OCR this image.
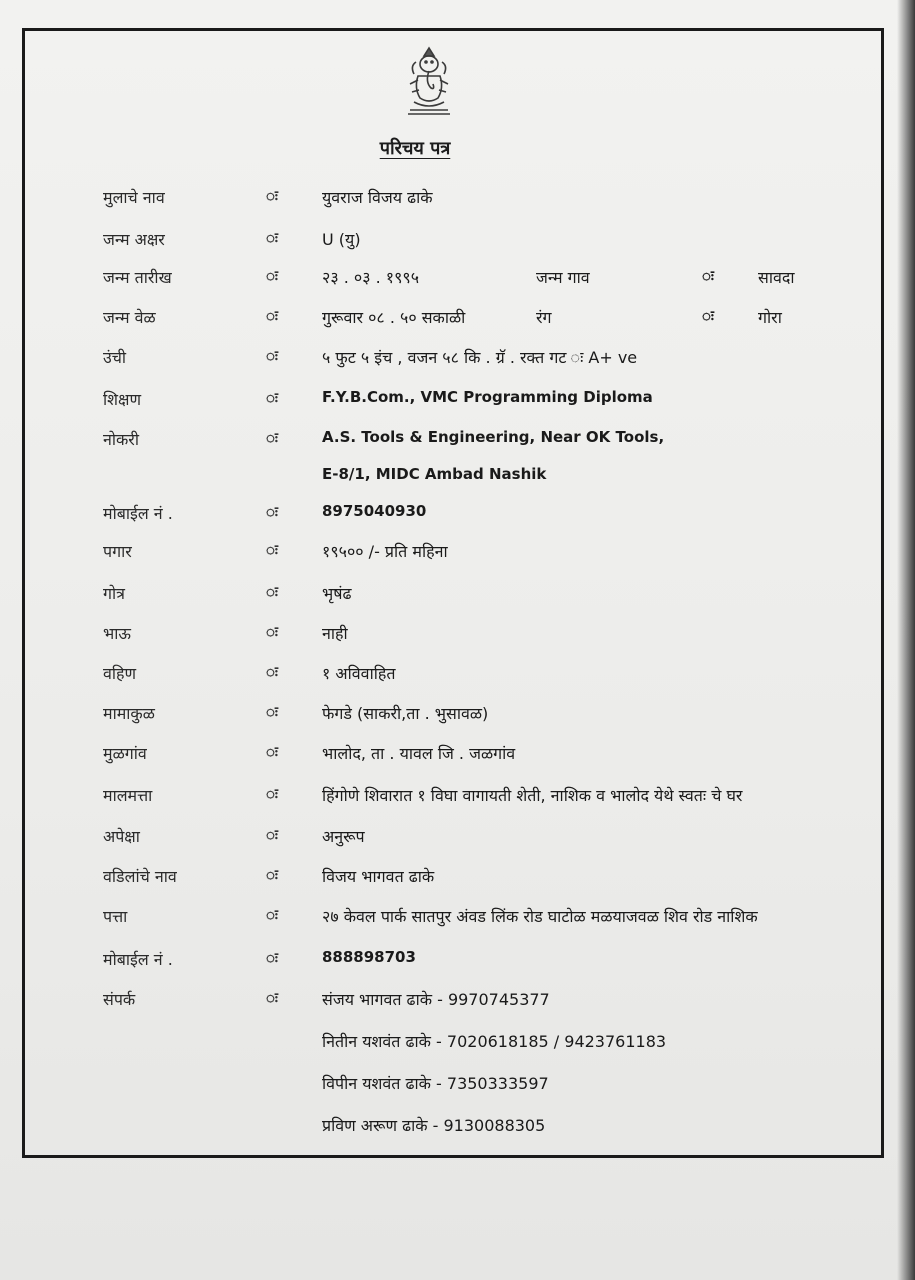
परिचय पत्र
मुलाचे नाव	ः	युवराज विजय ढाके
जन्म अक्षर	ः	U (यु)
जन्म तारीख	ः	२३ . ०३ . १९९५	जन्म गाव	ः	सावदा
जन्म वेळ	ः	गुरूवार ०८ . ५० सकाळी	रंग	ः	गोरा
उंची	ः	५ फुट ५ इंच , वजन ५८ कि . ग्रॅ . रक्त गट ः A+ ve
शिक्षण	ः	F.Y.B.Com., VMC Programming Diploma
नोकरी	ः	A.S. Tools & Engineering, Near OK Tools,
E-8/1, MIDC Ambad Nashik
मोबाईल नं .	ः	8975040930
पगार	ः	१९५०० /- प्रति महिना
गोत्र	ः	भृषंढ
भाऊ	ः	नाही
वहिण	ः	१ अविवाहित
मामाकुळ	ः	फेगडे (साकरी,ता . भुसावळ)
मुळगांव	ः	भालोद, ता . यावल जि . जळगांव
मालमत्ता	ः	हिंगोणे शिवारात १ विघा वागायती शेती, नाशिक व भालोद येथे स्वतः चे घर
अपेक्षा	ः	अनुरूप
वडिलांचे नाव	ः	विजय भागवत ढाके
पत्ता	ः	२७ केवल पार्क सातपुर अंवड लिंक रोड घाटोळ मळयाजवळ शिव रोड नाशिक
मोबाईल नं .	ः	888898703
संपर्क	ः	संजय भागवत ढाके - 9970745377
नितीन यशवंत ढाके - 7020618185 / 9423761183
विपीन यशवंत ढाके - 7350333597
प्रविण अरूण ढाके - 9130088305
